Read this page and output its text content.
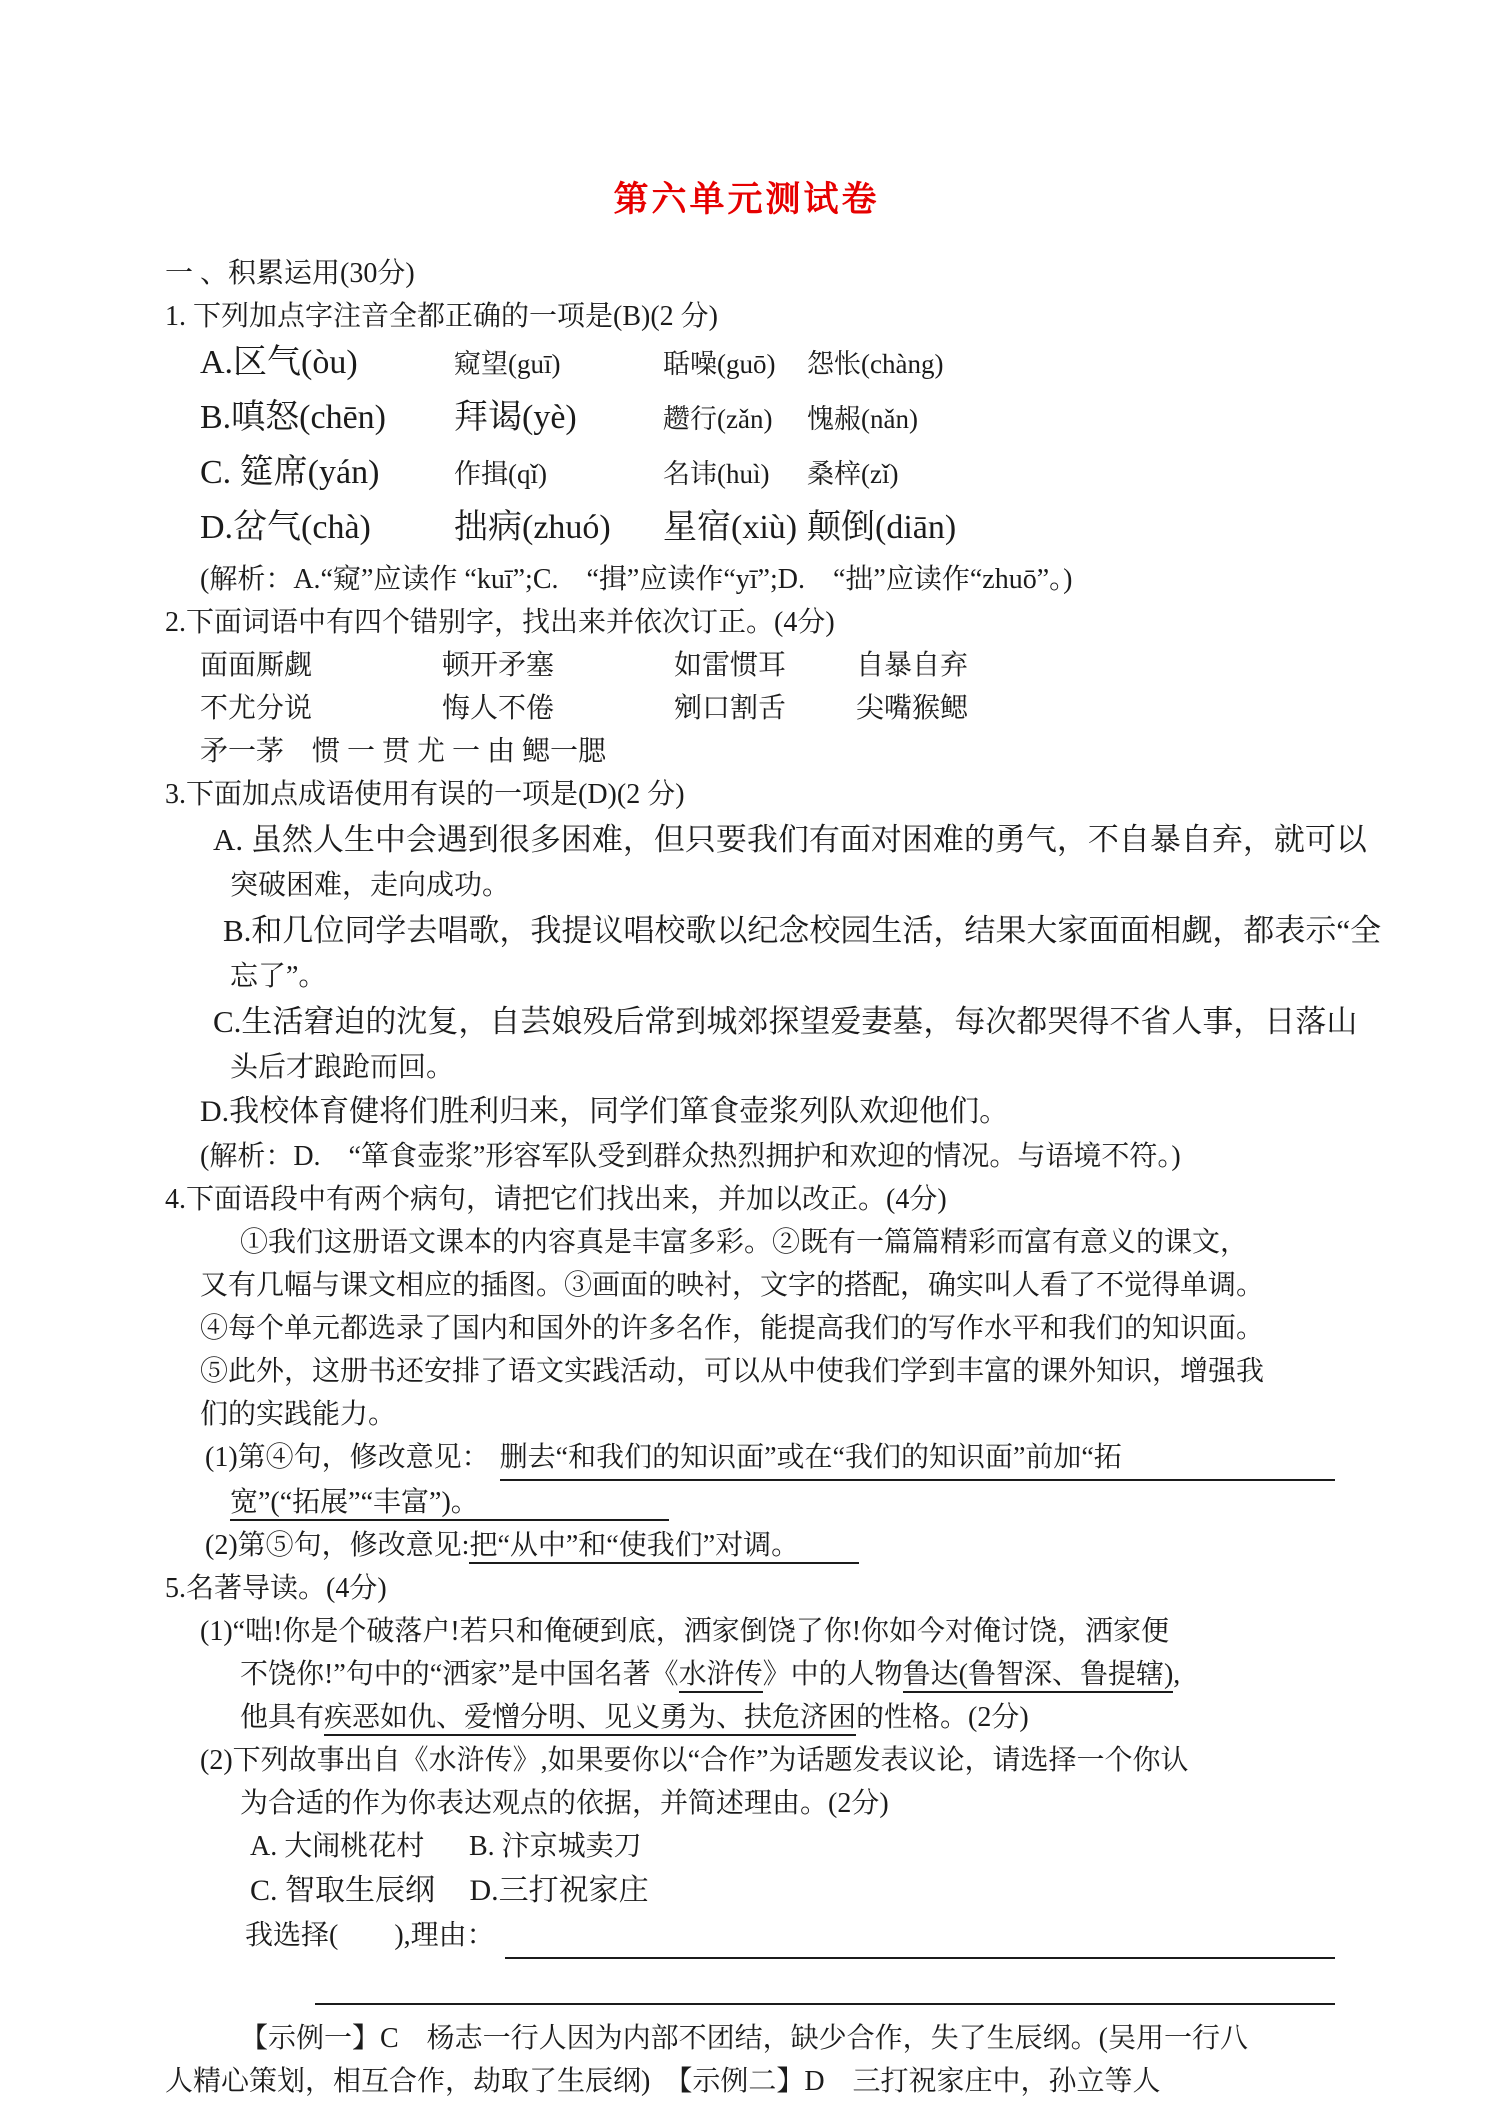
第六单元测试卷
一 、积累运用(30分)
1. 下列加点字注音全都正确的一项是(B)(2 分)
A.区气(òu)	窥望(guī)	聒噪(guō) 怨怅(chàng)
B.嗔怒(chēn) 拜谒(yè)	趱行(zǎn) 愧赧(nǎn)
C. 筵席(yán)	作揖(qǐ)	名讳(huì) 桑梓(zǐ)
D.岔气(chà) 拙病(zhuó) 星宿(xiù) 颠倒(diān)
(解析：A.“窥”应读作 “kuī”;C.　“揖”应读作“yī”;D.　“拙”应读作“zhuō”。)
2.下面词语中有四个错别字，找出来并依次订正。(4分)
面面厮觑	顿开矛塞	如雷惯耳 自暴自弃
不尤分说	悔人不倦	剜口割舌 尖嘴猴鳃
矛一茅　惯 一 贯 尤 一 由 鳃一腮
3.下面加点成语使用有误的一项是(D)(2 分)
A. 虽然人生中会遇到很多困难，但只要我们有面对困难的勇气，不自暴自弃，就可以
突破困难，走向成功。
B.和几位同学去唱歌，我提议唱校歌以纪念校园生活，结果大家面面相觑，都表示“全
忘了”。
C.生活窘迫的沈复，自芸娘殁后常到城郊探望爱妻墓，每次都哭得不省人事，日落山
头后才踉跄而回。
D.我校体育健将们胜利归来，同学们箪食壶浆列队欢迎他们。
(解析：D.　“箪食壶浆”形容军队受到群众热烈拥护和欢迎的情况。与语境不符。)
4.下面语段中有两个病句，请把它们找出来，并加以改正。(4分)
①我们这册语文课本的内容真是丰富多彩。②既有一篇篇精彩而富有意义的课文，
又有几幅与课文相应的插图。③画面的映衬，文字的搭配，确实叫人看了不觉得单调。
④每个单元都选录了国内和国外的许多名作，能提高我们的写作水平和我们的知识面。
⑤此外，这册书还安排了语文实践活动，可以从中使我们学到丰富的课外知识，增强我
们的实践能力。
(1)第④句，修改意见： 删去“和我们的知识面”或在“我们的知识面”前加“拓
宽”(“拓展”“丰富”)。
(2)第⑤句，修改意见:把“从中”和“使我们”对调。
5.名著导读。(4分)
(1)“咄!你是个破落户!若只和俺硬到底，洒家倒饶了你!你如今对俺讨饶，洒家便
不饶你!”句中的“洒家”是中国名著《水浒传》中的人物鲁达(鲁智深、鲁提辖),
他具有疾恶如仇、爱憎分明、见义勇为、扶危济困的性格。(2分)
(2)下列故事出自《水浒传》,如果要你以“合作”为话题发表议论，请选择一个你认
为合适的作为你表达观点的依据，并简述理由。(2分)
A. 大闹桃花村 B. 汴京城卖刀
C. 智取生辰纲 D.三打祝家庄
我选择(　　),理由：

【示例一】C　杨志一行人因为内部不团结，缺少合作，失了生辰纲。(吴用一行八
人精心策划，相互合作，劫取了生辰纲)　【示例二】D　三打祝家庄中，孙立等人
